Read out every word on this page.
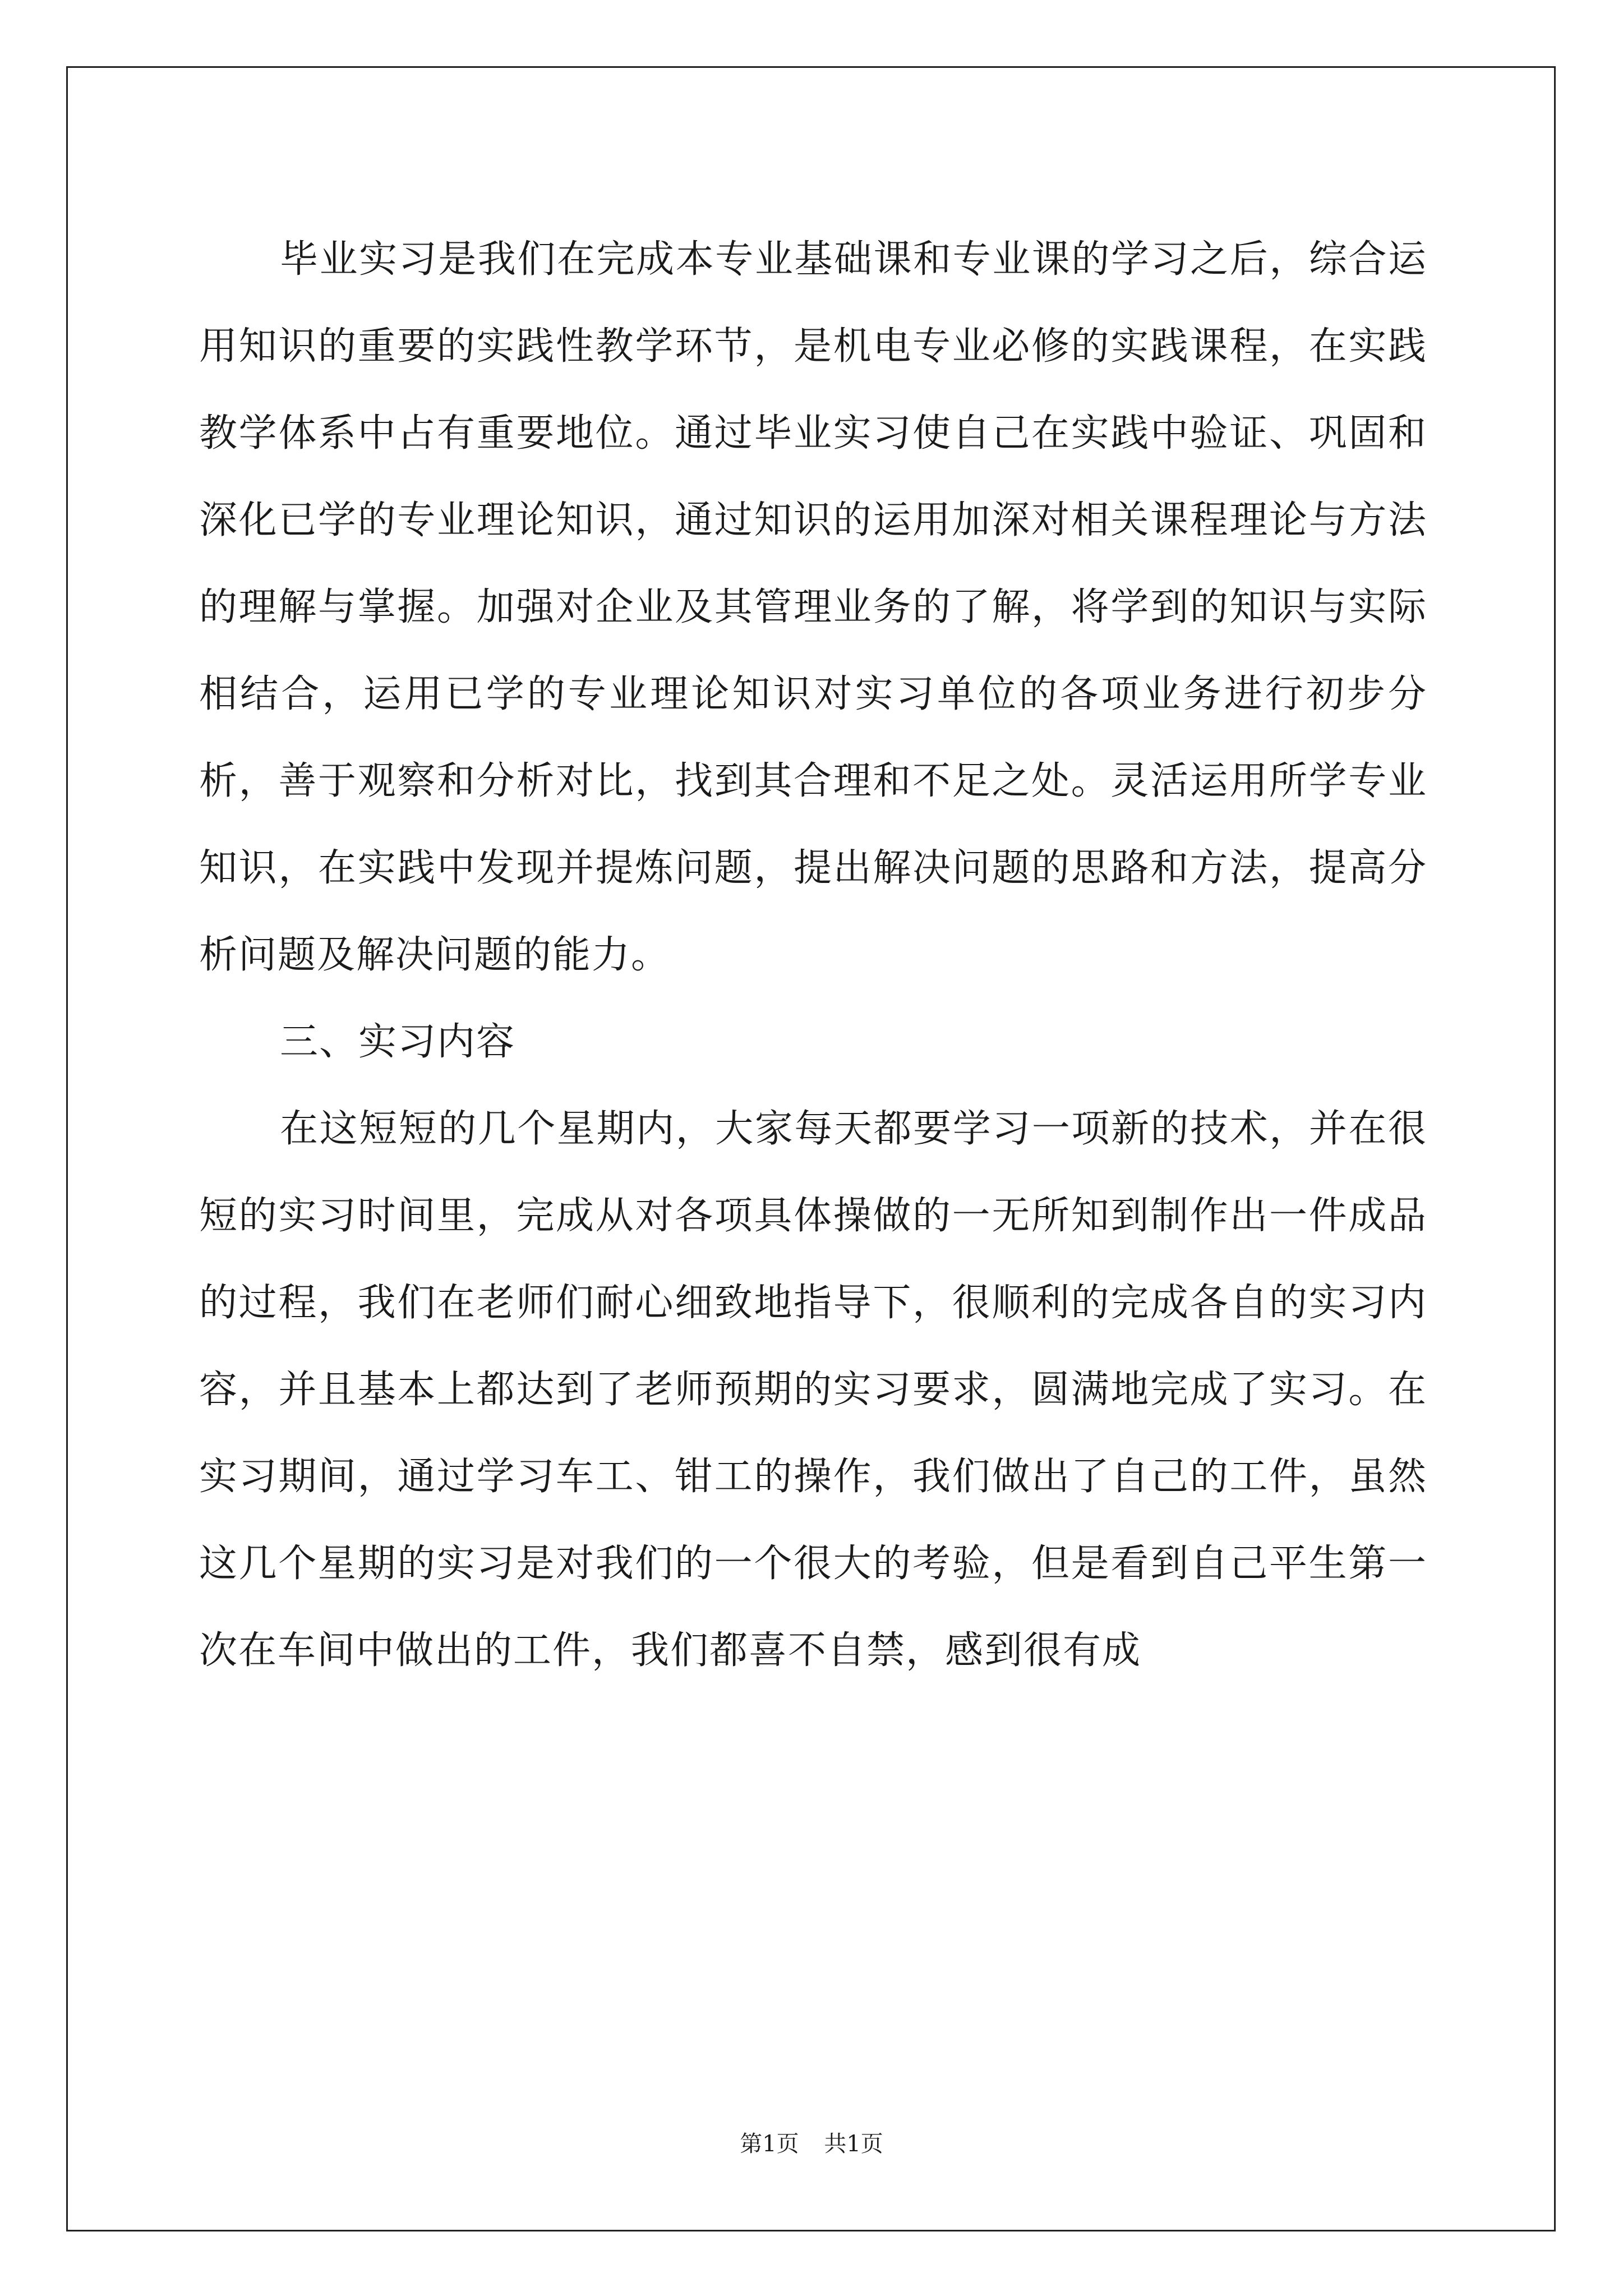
毕业实习是我们在完成本专业基础课和专业课的学习之后，综合运用知识的重要的实践性教学环节，是机电专业必修的实践课程，在实践教学体系中占有重要地位。通过毕业实习使自己在实践中验证、巩固和深化已学的专业理论知识，通过知识的运用加深对相关课程理论与方法的理解与掌握。加强对企业及其管理业务的了解，将学到的知识与实际相结合，运用已学的专业理论知识对实习单位的各项业务进行初步分析，善于观察和分析对比，找到其合理和不足之处。灵活运用所学专业知识，在实践中发现并提炼问题，提出解决问题的思路和方法，提高分析问题及解决问题的能力。

三、实习内容

在这短短的几个星期内，大家每天都要学习一项新的技术，并在很短的实习时间里，完成从对各项具体操做的一无所知到制作出一件成品的过程，我们在老师们耐心细致地指导下，很顺利的完成各自的实习内容，并且基本上都达到了老师预期的实习要求，圆满地完成了实习。在实习期间，通过学习车工、钳工的操作，我们做出了自己的工件，虽然这几个星期的实习是对我们的一个很大的考验，但是看到自己平生第一次在车间中做出的工件，我们都喜不自禁，感到很有成

第1页 共1页
